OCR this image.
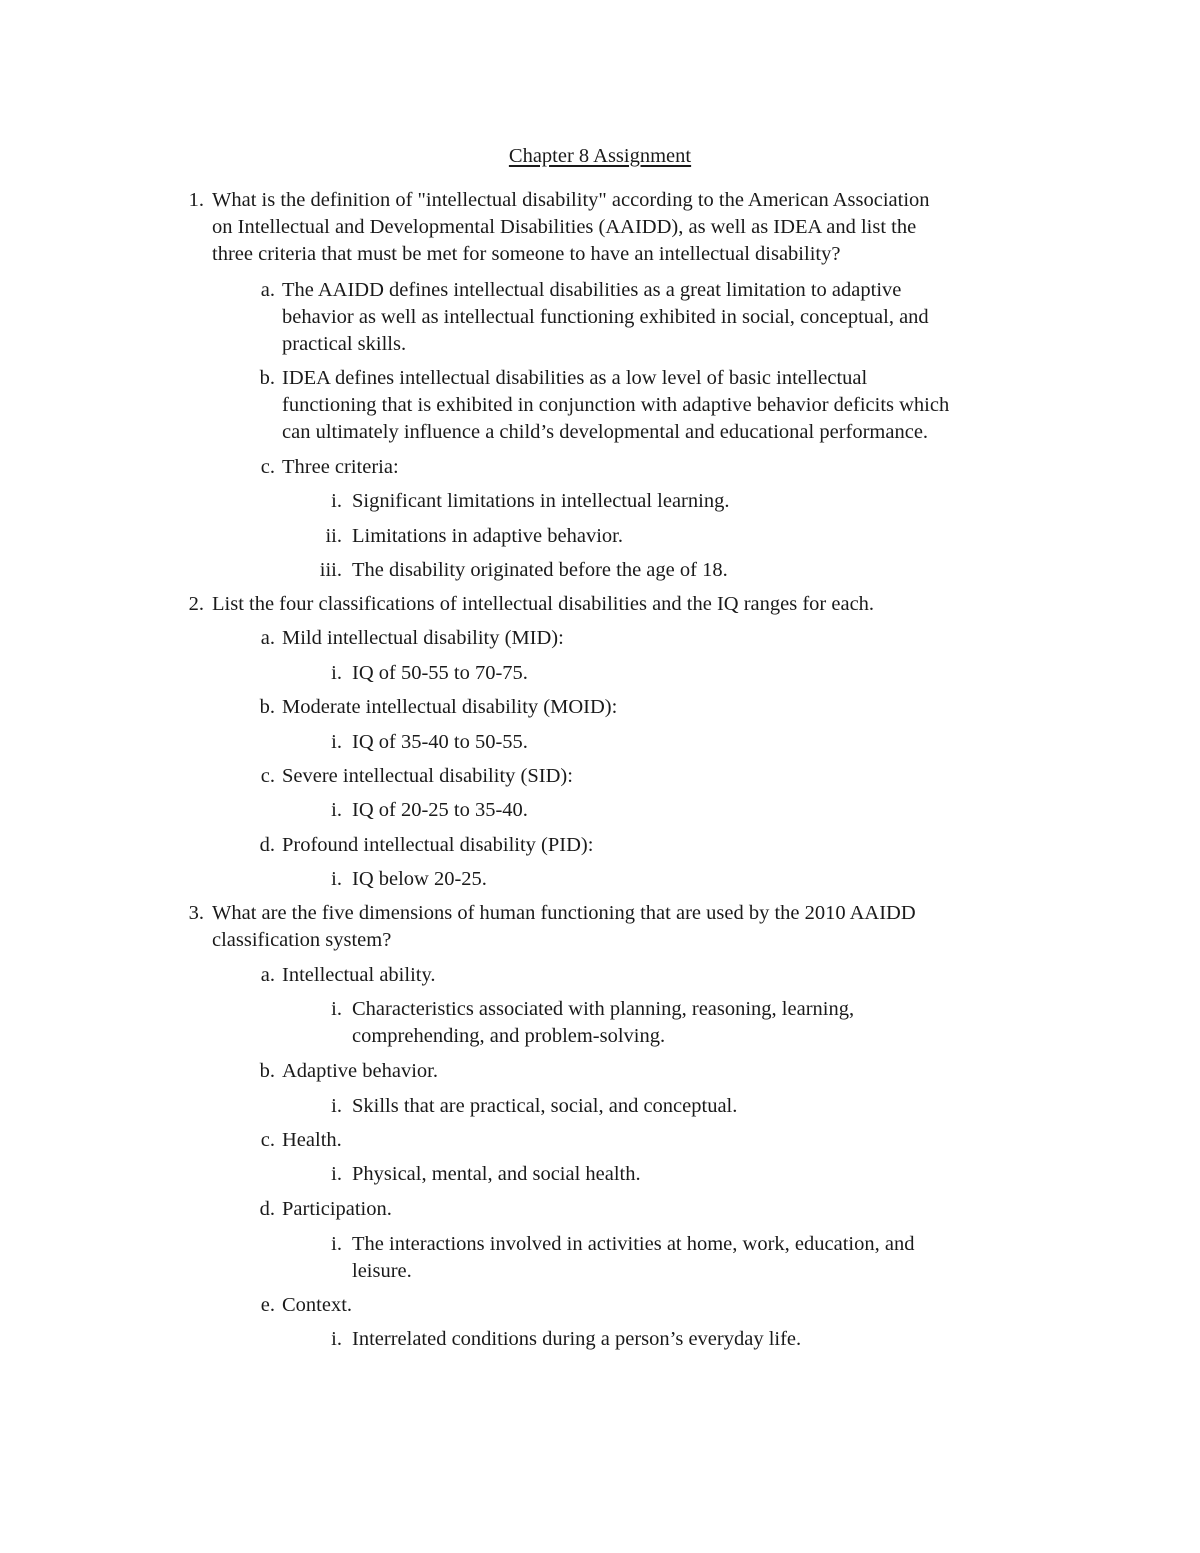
Chapter 8 Assignment
1. What is the definition of "intellectual disability" according to the American Association
on Intellectual and Developmental Disabilities (AAIDD), as well as IDEA and list the
three criteria that must be met for someone to have an intellectual disability?
a. The AAIDD defines intellectual disabilities as a great limitation to adaptive
behavior as well as intellectual functioning exhibited in social, conceptual, and
practical skills.
b. IDEA defines intellectual disabilities as a low level of basic intellectual
functioning that is exhibited in conjunction with adaptive behavior deficits which
can ultimately influence a child’s developmental and educational performance.
c. Three criteria:
i. Significant limitations in intellectual learning.
ii. Limitations in adaptive behavior.
iii. The disability originated before the age of 18.
2. List the four classifications of intellectual disabilities and the IQ ranges for each.
a. Mild intellectual disability (MID):
i. IQ of 50-55 to 70-75.
b. Moderate intellectual disability (MOID):
i. IQ of 35-40 to 50-55.
c. Severe intellectual disability (SID):
i. IQ of 20-25 to 35-40.
d. Profound intellectual disability (PID):
i. IQ below 20-25.
3. What are the five dimensions of human functioning that are used by the 2010 AAIDD
classification system?
a. Intellectual ability.
i. Characteristics associated with planning, reasoning, learning,
comprehending, and problem-solving.
b. Adaptive behavior.
i. Skills that are practical, social, and conceptual.
c. Health.
i. Physical, mental, and social health.
d. Participation.
i. The interactions involved in activities at home, work, education, and
leisure.
e. Context.
i. Interrelated conditions during a person’s everyday life.
